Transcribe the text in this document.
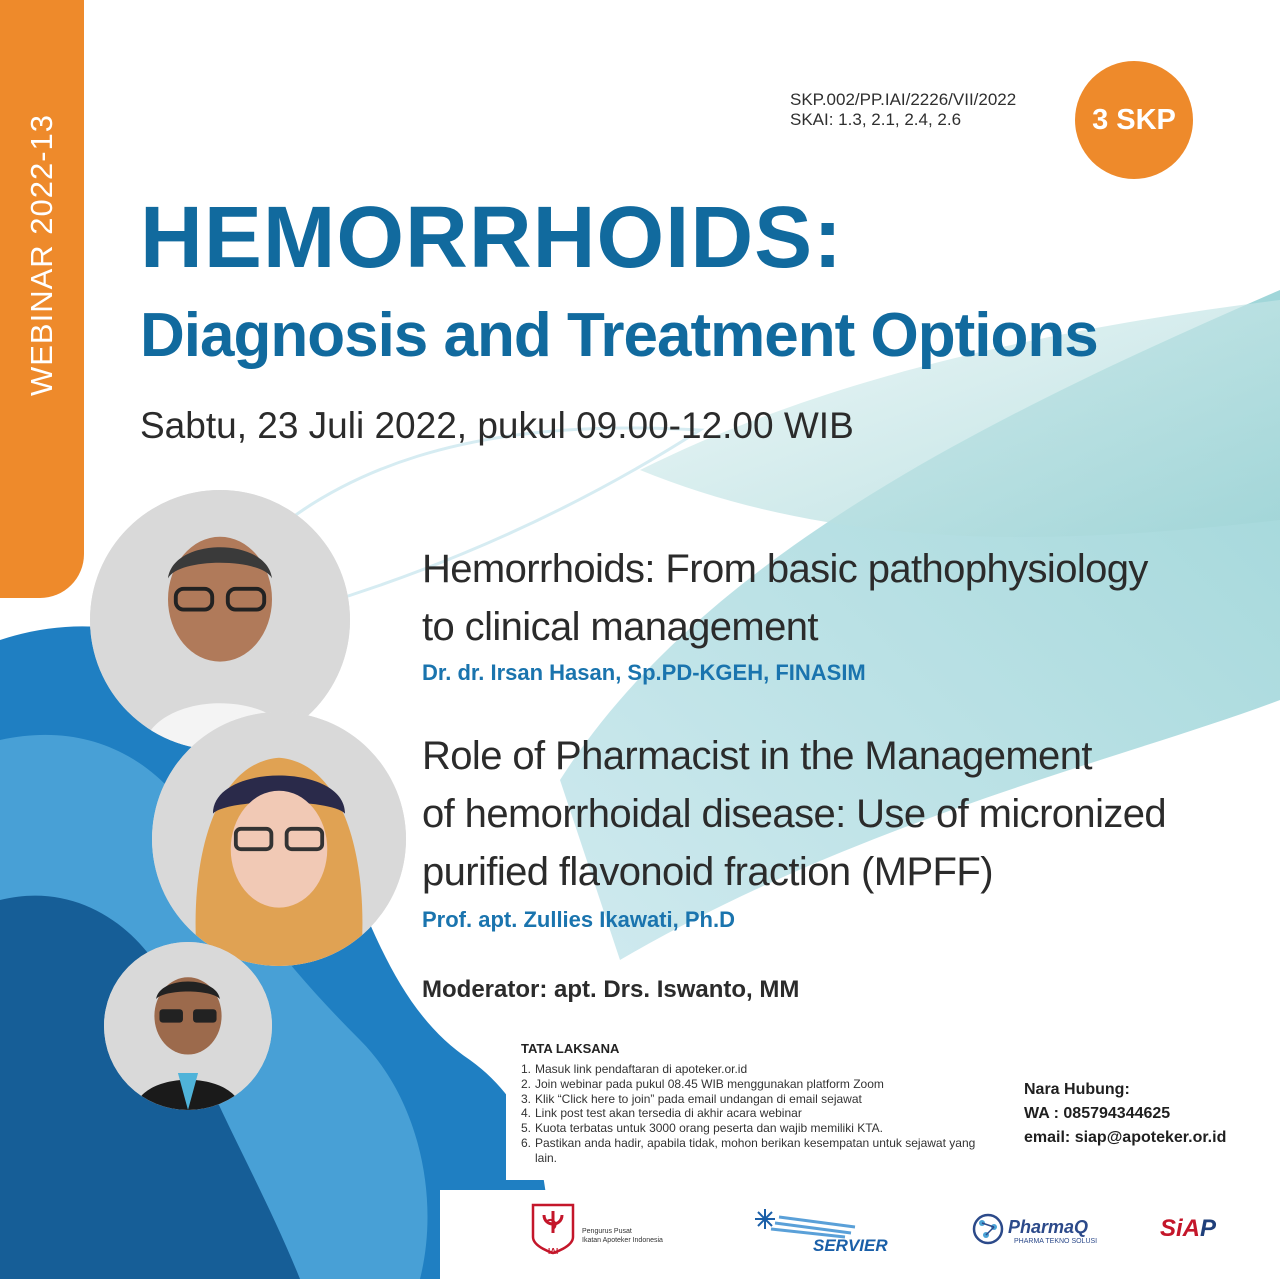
WEBINAR 2022-13
SKP.002/PP.IAI/2226/VII/2022
SKAI: 1.3, 2.1, 2.4, 2.6	3 SKP
HEMORRHOIDS:
Diagnosis and Treatment Options
Sabtu, 23 Juli 2022, pukul 09.00-12.00 WIB
Hemorrhoids: From basic pathophysiology
to clinical management
Dr. dr. Irsan Hasan, Sp.PD-KGEH, FINASIM
Role of Pharmacist in the Management
of hemorrhoidal disease: Use of micronized
purified flavonoid fraction (MPFF)
Prof. apt. Zullies Ikawati, Ph.D
Moderator: apt. Drs. Iswanto, MM
TATA LAKSANA
1. Masuk link pendaftaran di apoteker.or.id
2. Join webinar pada pukul 08.45 WIB menggunakan platform Zoom
3. Klik “Click here to join” pada email undangan di email sejawat
4. Link post test akan tersedia di akhir acara webinar
5. Kuota terbatas untuk 3000 orang peserta dan wajib memiliki KTA.
6. Pastikan anda hadir, apabila tidak, mohon berikan kesempatan untuk sejawat yang lain.
Nara Hubung:
WA : 085794344625
email: siap@apoteker.or.id
IAI
Pengurus Pusat
Ikatan Apoteker Indonesia	SERVIER
PharmaQ
PHARMA TEKNO SOLUSI	SiAP
